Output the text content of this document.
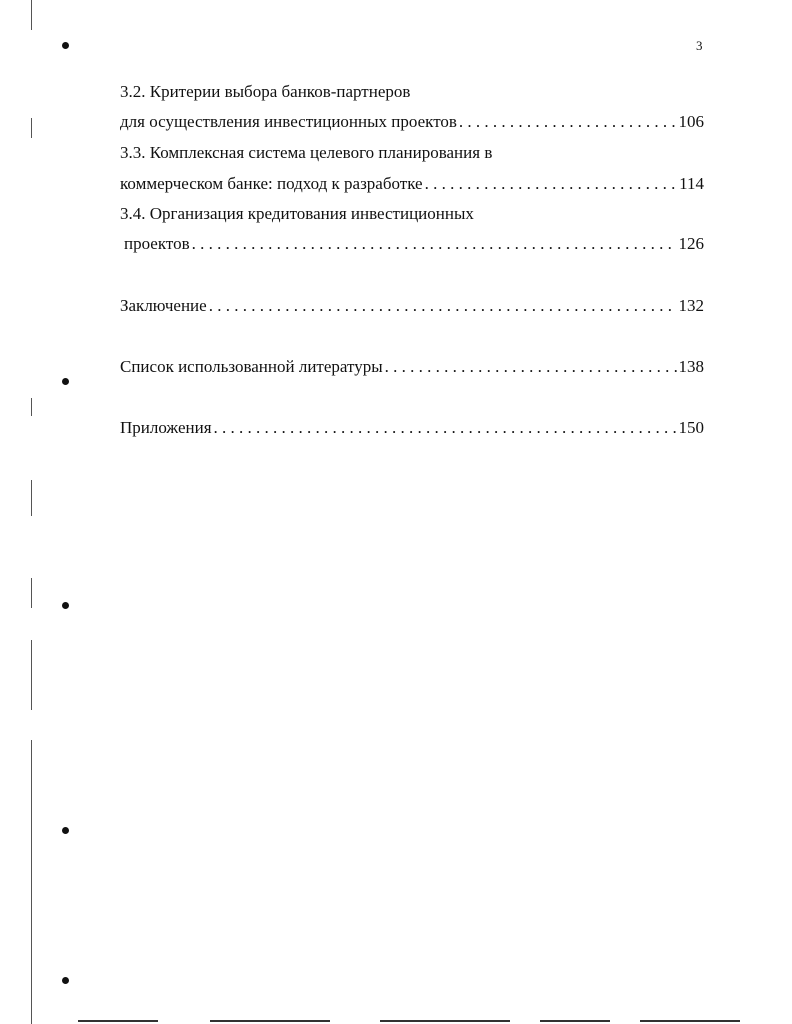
3
3.2. Критерии выбора банков-партнеров
для осуществления инвестиционных проектов . . .	106
3.3. Комплексная система целевого планирования в
коммерческом банке: подход к разработке . . .	114
3.4. Организация кредитования инвестиционных
проектов . . .	126
Заключение . . .	132
Список использованной литературы . . .	138
Приложения . . .	150
